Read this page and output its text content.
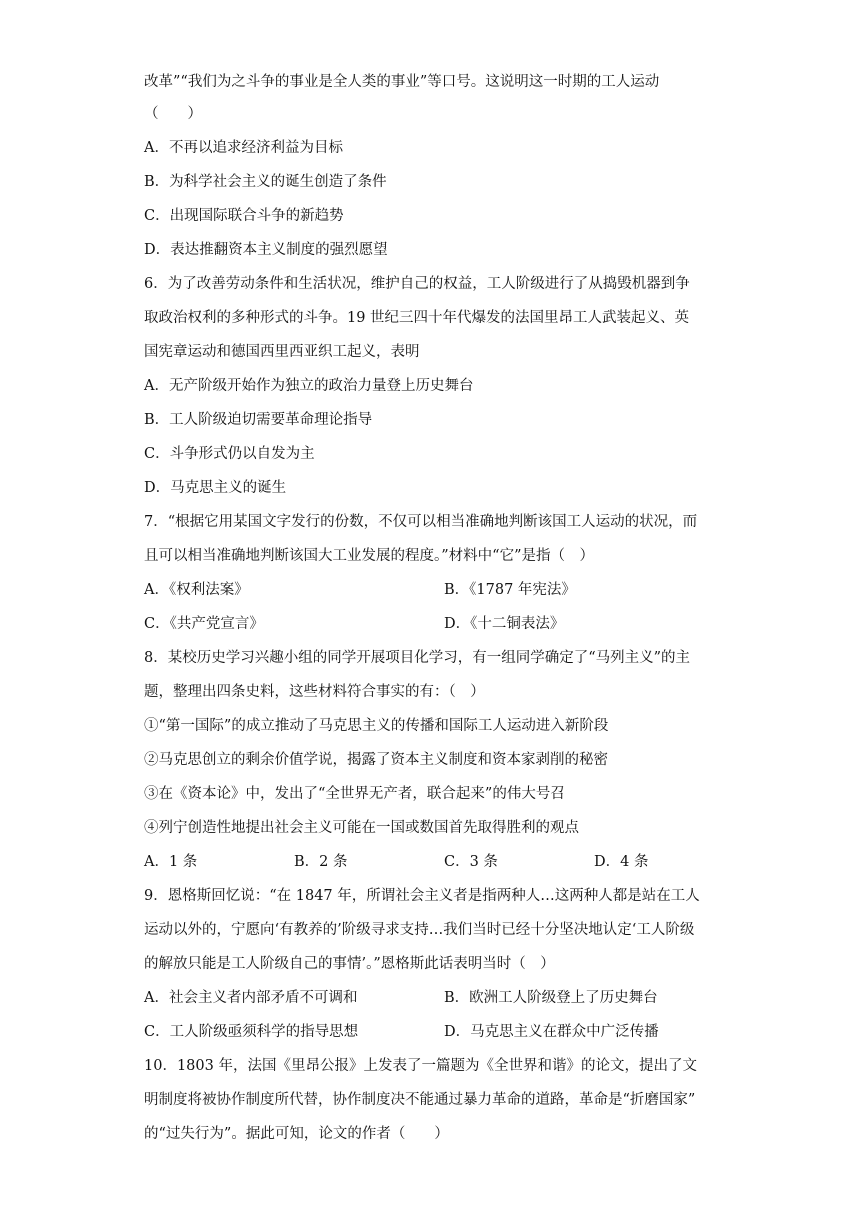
改革”“我们为之斗争的事业是全人类的事业”等口号。这说明这一时期的工人运动
（　　）
A．不再以追求经济利益为目标
B．为科学社会主义的诞生创造了条件
C．出现国际联合斗争的新趋势
D．表达推翻资本主义制度的强烈愿望
6．为了改善劳动条件和生活状况，维护自己的权益，工人阶级进行了从捣毁机器到争
取政治权利的多种形式的斗争。19 世纪三四十年代爆发的法国里昂工人武装起义、英
国宪章运动和德国西里西亚织工起义，表明
A．无产阶级开始作为独立的政治力量登上历史舞台
B．工人阶级迫切需要革命理论指导
C．斗争形式仍以自发为主
D．马克思主义的诞生
7．“根据它用某国文字发行的份数，不仅可以相当准确地判断该国工人运动的状况，而
且可以相当准确地判断该国大工业发展的程度。”材料中“它”是指（　）
A．《权利法案》	B．《1787 年宪法》
C．《共产党宣言》	D．《十二铜表法》
8．某校历史学习兴趣小组的同学开展项目化学习，有一组同学确定了“马列主义”的主
题，整理出四条史料，这些材料符合事实的有：（　）
①“第一国际”的成立推动了马克思主义的传播和国际工人运动进入新阶段
②马克思创立的剩余价值学说，揭露了资本主义制度和资本家剥削的秘密
③在《资本论》中，发出了“全世界无产者，联合起来”的伟大号召
④列宁创造性地提出社会主义可能在一国或数国首先取得胜利的观点
A．1 条	B．2 条	C．3 条	D．4 条
9．恩格斯回忆说：“在 1847 年，所谓社会主义者是指两种人…这两种人都是站在工人
运动以外的，宁愿向‘有教养的’阶级寻求支持…我们当时已经十分坚决地认定‘工人阶级
的解放只能是工人阶级自己的事情’。”恩格斯此话表明当时（　）
A．社会主义者内部矛盾不可调和	B．欧洲工人阶级登上了历史舞台
C．工人阶级亟须科学的指导思想	D．马克思主义在群众中广泛传播
10．1803 年，法国《里昂公报》上发表了一篇题为《全世界和谐》的论文，提出了文
明制度将被协作制度所代替，协作制度决不能通过暴力革命的道路，革命是“折磨国家”
的“过失行为”。据此可知，论文的作者（　　）
